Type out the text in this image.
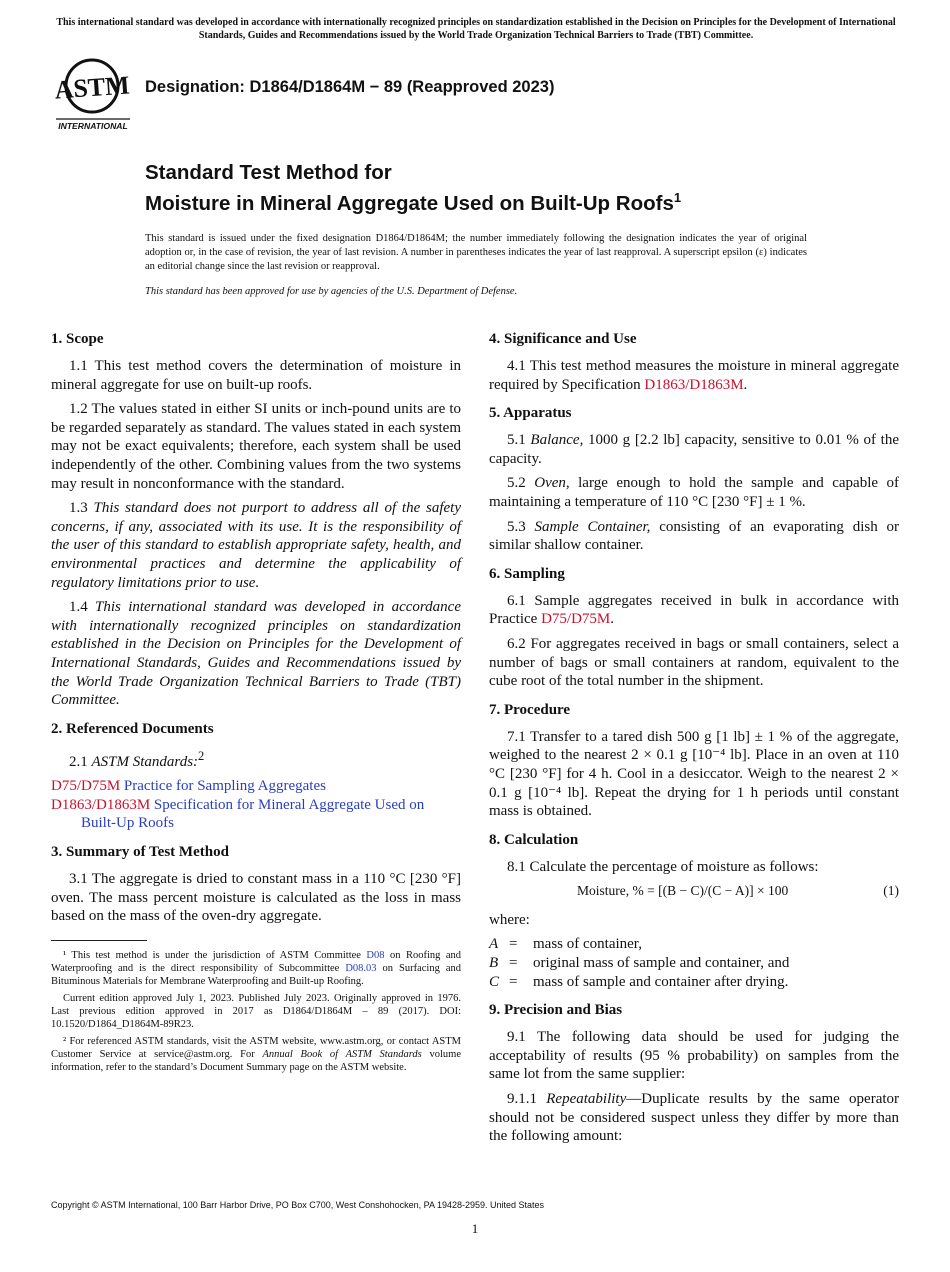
This international standard was developed in accordance with internationally recognized principles on standardization established in the Decision on Principles for the Development of International Standards, Guides and Recommendations issued by the World Trade Organization Technical Barriers to Trade (TBT) Committee.
ASTM
INTERNATIONAL
Designation: D1864/D1864M − 89 (Reapproved 2023)
Standard Test Method for
Moisture in Mineral Aggregate Used on Built-Up Roofs$^1$
This standard is issued under the fixed designation D1864/D1864M; the number immediately following the designation indicates the year of original adoption or, in the case of revision, the year of last revision. A number in parentheses indicates the year of last reapproval. A superscript epsilon (ε) indicates an editorial change since the last revision or reapproval.
This standard has been approved for use by agencies of the U.S. Department of Defense.
1. Scope

1.1 This test method covers the determination of moisture in mineral aggregate for use on built-up roofs.

1.2 The values stated in either SI units or inch-pound units are to be regarded separately as standard. The values stated in each system may not be exact equivalents; therefore, each system shall be used independently of the other. Combining values from the two systems may result in nonconformance with the standard.

1.3 This standard does not purport to address all of the safety concerns, if any, associated with its use. It is the responsibility of the user of this standard to establish appropriate safety, health, and environmental practices and determine the applicability of regulatory limitations prior to use.

1.4 This international standard was developed in accordance with internationally recognized principles on standardization established in the Decision on Principles for the Development of International Standards, Guides and Recommendations issued by the World Trade Organization Technical Barriers to Trade (TBT) Committee.

2. Referenced Documents

2.1 ASTM Standards:$^2$

D75/D75M Practice for Sampling Aggregates

D1863/D1863M Specification for Mineral Aggregate Used on Built-Up Roofs

3. Summary of Test Method

3.1 The aggregate is dried to constant mass in a 110 °C [230 °F] oven. The mass percent moisture is calculated as the loss in mass based on the mass of the oven-dry aggregate.

¹ This test method is under the jurisdiction of ASTM Committee D08 on Roofing and Waterproofing and is the direct responsibility of Subcommittee D08.03 on Surfacing and Bituminous Materials for Membrane Waterproofing and Built-up Roofing.

Current edition approved July 1, 2023. Published July 2023. Originally approved in 1976. Last previous edition approved in 2017 as D1864/D1864M – 89 (2017). DOI: 10.1520/D1864_D1864M-89R23.

² For referenced ASTM standards, visit the ASTM website, www.astm.org, or contact ASTM Customer Service at service@astm.org. For Annual Book of ASTM Standards volume information, refer to the standard’s Document Summary page on the ASTM website.

4. Significance and Use

4.1 This test method measures the moisture in mineral aggregate required by Specification D1863/D1863M.

5. Apparatus

5.1 Balance, 1000 g [2.2 lb] capacity, sensitive to 0.01 % of the capacity.

5.2 Oven, large enough to hold the sample and capable of maintaining a temperature of 110 °C [230 °F] ± 1 %.

5.3 Sample Container, consisting of an evaporating dish or similar shallow container.

6. Sampling

6.1 Sample aggregates received in bulk in accordance with Practice D75/D75M.

6.2 For aggregates received in bags or small containers, select a number of bags or small containers at random, equivalent to the cube root of the total number in the shipment.

7. Procedure

7.1 Transfer to a tared dish 500 g [1 lb] ± 1 % of the aggregate, weighed to the nearest 2 × 0.1 g [10⁻⁴ lb]. Place in an oven at 110 °C [230 °F] for 4 h. Cool in a desiccator. Weigh to the nearest 2 × 0.1 g [10⁻⁴ lb]. Repeat the drying for 1 h periods until constant mass is obtained.

8. Calculation

8.1 Calculate the percentage of moisture as follows:

Moisture, % = [(B − C)/(C − A)] × 100	(1)

where:

A =	mass of container,
B =	original mass of sample and container, and
C =	mass of sample and container after drying.
9. Precision and Bias

9.1 The following data should be used for judging the acceptability of results (95 % probability) on samples from the same lot from the same supplier:

9.1.1 Repeatability—Duplicate results by the same operator should not be considered suspect unless they differ by more than the following amount:

Copyright © ASTM International, 100 Barr Harbor Drive, PO Box C700, West Conshohocken, PA 19428-2959. United States
1
